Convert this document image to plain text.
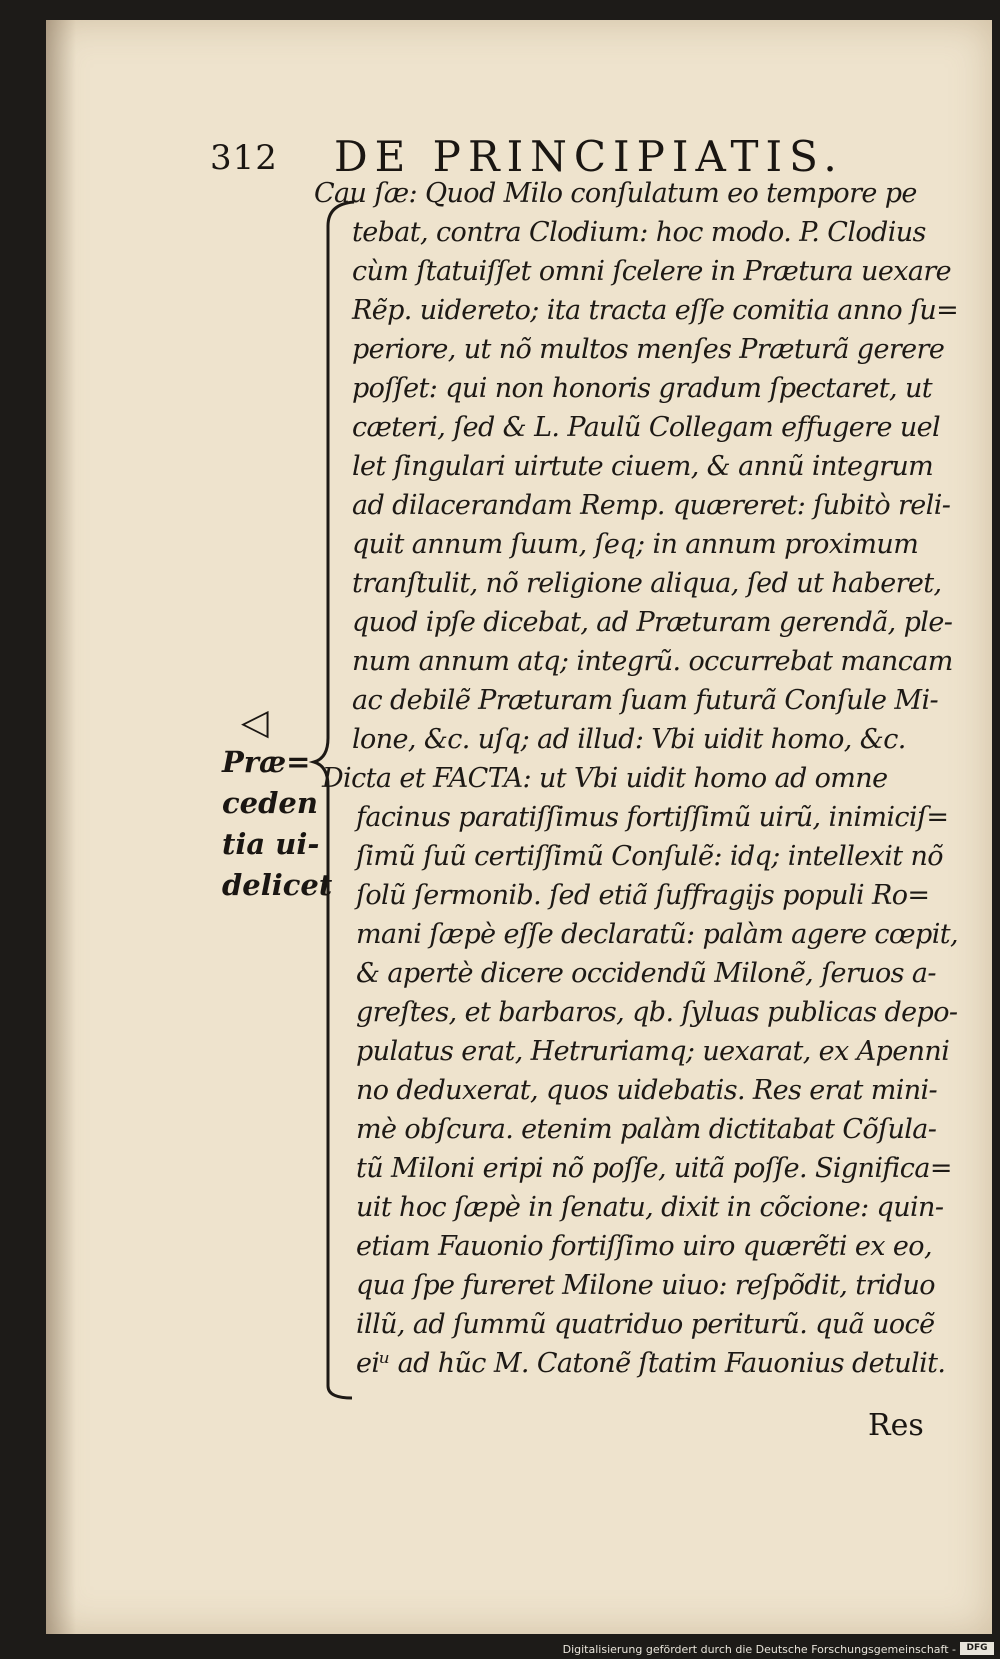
312 DE PRINCIPIATIS.
◁
Præ=
ceden
tia ui-
delicet
Cau ſæ: Quod Milo conſulatum eo tempore pe
tebat, contra Clodium: hoc modo. P. Clodius
cùm ſtatuiſſet omni ſcelere in Prætura uexare
Rẽp. uidereto; ita tracta eſſe comitia anno ſu=
periore, ut nõ multos menſes Præturã gerere
poſſet: qui non honoris gradum ſpectaret, ut
cæteri, ſed & L. Paulũ Collegam effugere uel
let ſingulari uirtute ciuem, & annũ integrum
ad dilacerandam Remp. quæreret: ſubitò reli-
quit annum ſuum, ſeq; in annum proximum
tranſtulit, nõ religione aliqua, ſed ut haberet,
quod ipſe dicebat, ad Præturam gerendã, ple-
num annum atq; integrũ. occurrebat mancam
ac debilẽ Præturam ſuam futurã Conſule Mi-
lone, &c. uſq; ad illud: Vbi uidit homo, &c.
Dicta et FACTA: ut Vbi uidit homo ad omne
facinus paratiſſimus fortiſſimũ uirũ, inimiciſ=
ſimũ ſuũ certiſſimũ Conſulẽ: idq; intellexit nõ
ſolũ ſermonib. ſed etiã ſuffragijs populi Ro=
mani ſæpè eſſe declaratũ: palàm agere cœpit,
& apertè dicere occidendũ Milonẽ, ſeruos a-
greſtes, et barbaros, qb. ſyluas publicas depo-
pulatus erat, Hetruriamq; uexarat, ex Apenni
no deduxerat, quos uidebatis. Res erat mini-
mè obſcura. etenim palàm dictitabat Cõſula-
tũ Miloni eripi nõ poſſe, uitã poſſe. Significa=
uit hoc ſæpè in ſenatu, dixit in cõcione: quin-
etiam Fauonio fortiſſimo uiro quærẽti ex eo,
qua ſpe fureret Milone uiuo: reſpõdit, triduo
illũ, ad ſummũ quatriduo periturũ. quã uocẽ
eiᵘ ad hũc M. Catonẽ ſtatim Fauonius detulit.
Res
Digitalisierung gefördert durch die Deutsche Forschungsgemeinschaft -	DFG
